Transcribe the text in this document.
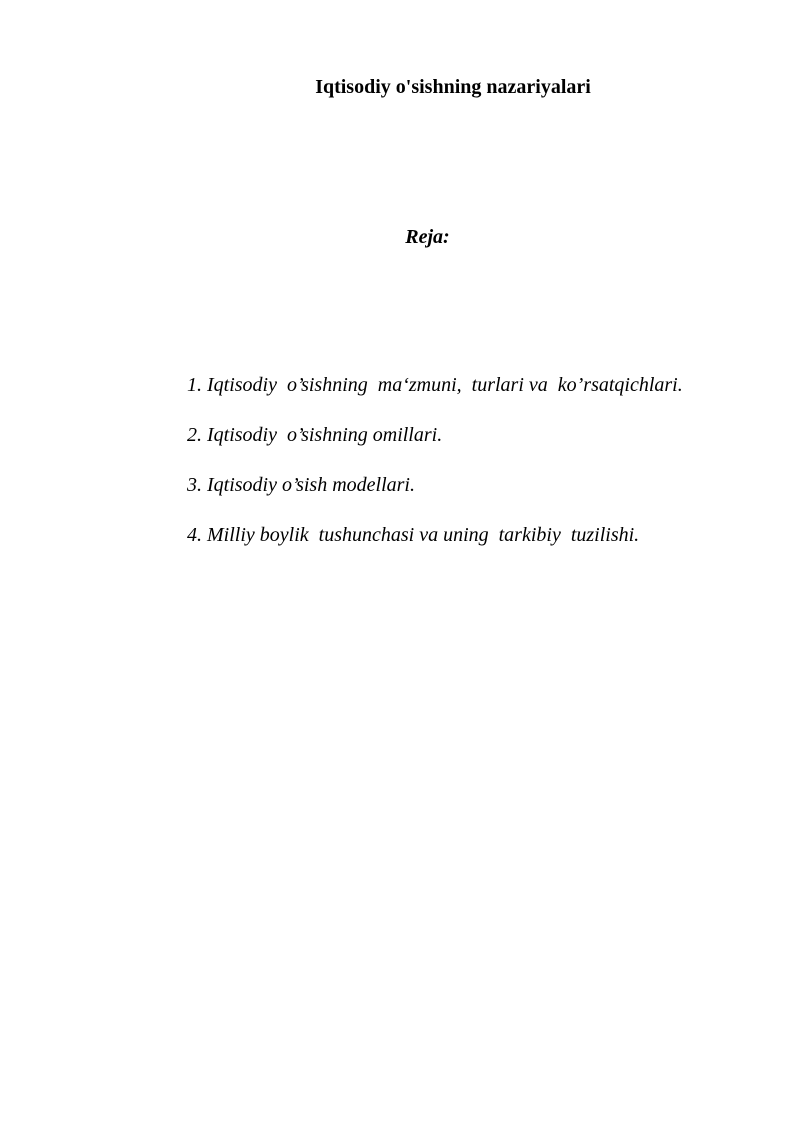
Iqtisodiy o'sishning nazariyalari
Reja:
1. Iqtisodiy  o’sishning  ma‘zmuni,  turlari va  ko’rsatqichlari.
2. Iqtisodiy  o’sishning omillari.
3. Iqtisodiy o’sish modellari.
4. Milliy boylik  tushunchasi va uning  tarkibiy  tuzilishi.
